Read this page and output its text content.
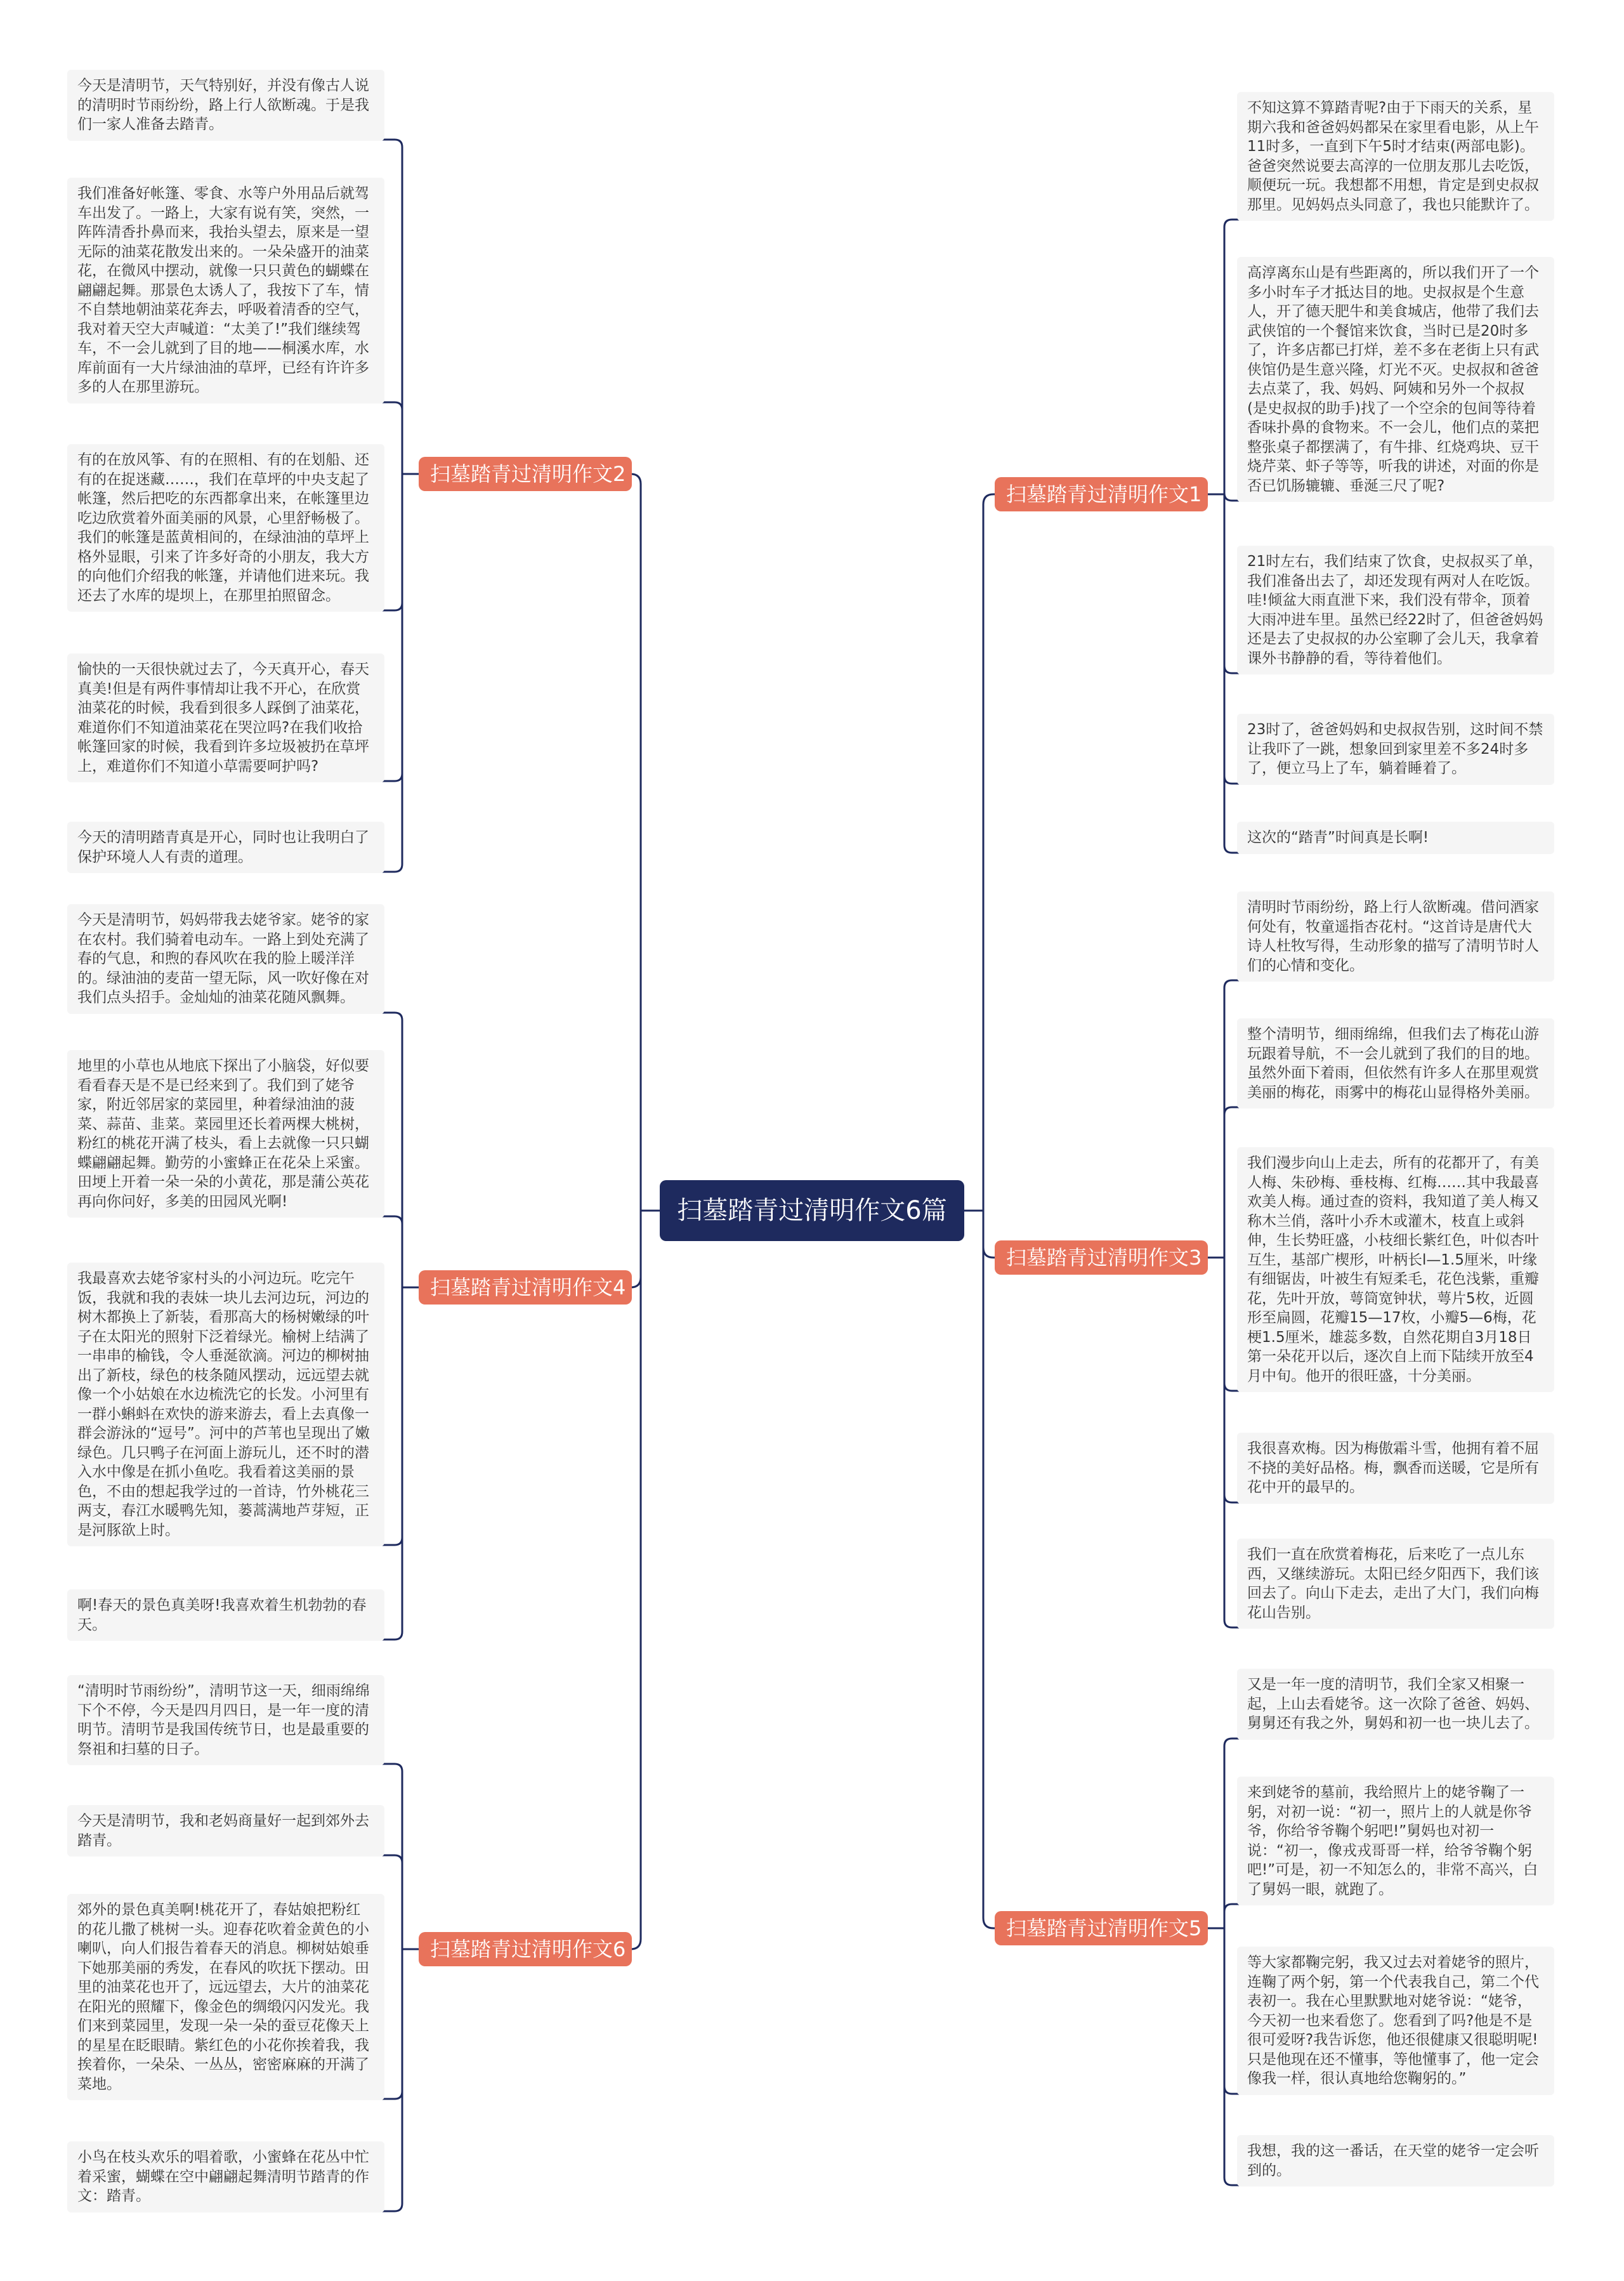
扫墓踏青过清明作文6篇
扫墓踏青过清明作文2
扫墓踏青过清明作文4
扫墓踏青过清明作文6
扫墓踏青过清明作文1
扫墓踏青过清明作文3
扫墓踏青过清明作文5
今天是清明节，天气特别好，并没有像古人说的清明时节雨纷纷，路上行人欲断魂。于是我们一家人准备去踏青。
我们准备好帐篷、零食、水等户外用品后就驾车出发了。一路上，大家有说有笑，突然，一阵阵清香扑鼻而来，我抬头望去，原来是一望无际的油菜花散发出来的。一朵朵盛开的油菜花，在微风中摆动，就像一只只黄色的蝴蝶在翩翩起舞。那景色太诱人了，我按下了车，情不自禁地朝油菜花奔去，呼吸着清香的空气，我对着天空大声喊道：“太美了!”我们继续驾车，不一会儿就到了目的地——桐溪水库，水库前面有一大片绿油油的草坪，已经有许许多多的人在那里游玩。
有的在放风筝、有的在照相、有的在划船、还有的在捉迷藏……，我们在草坪的中央支起了帐篷，然后把吃的东西都拿出来，在帐篷里边吃边欣赏着外面美丽的风景，心里舒畅极了。我们的帐篷是蓝黄相间的，在绿油油的草坪上格外显眼，引来了许多好奇的小朋友，我大方的向他们介绍我的帐篷，并请他们进来玩。我还去了水库的堤坝上，在那里拍照留念。
愉快的一天很快就过去了，今天真开心，春天真美!但是有两件事情却让我不开心，在欣赏油菜花的时候，我看到很多人踩倒了油菜花，难道你们不知道油菜花在哭泣吗?在我们收拾帐篷回家的时候，我看到许多垃圾被扔在草坪上，难道你们不知道小草需要呵护吗?
今天的清明踏青真是开心，同时也让我明白了保护环境人人有责的道理。
今天是清明节，妈妈带我去姥爷家。姥爷的家在农村。我们骑着电动车。一路上到处充满了春的气息，和煦的春风吹在我的脸上暖洋洋的。绿油油的麦苗一望无际，风一吹好像在对我们点头招手。金灿灿的油菜花随风飘舞。
地里的小草也从地底下探出了小脑袋，好似要看看春天是不是已经来到了。我们到了姥爷家，附近邻居家的菜园里，种着绿油油的菠菜、蒜苗、韭菜。菜园里还长着两棵大桃树，粉红的桃花开满了枝头，看上去就像一只只蝴蝶翩翩起舞。勤劳的小蜜蜂正在花朵上采蜜。田埂上开着一朵一朵的小黄花，那是蒲公英花再向你问好，多美的田园风光啊!
我最喜欢去姥爷家村头的小河边玩。吃完午饭，我就和我的表妹一块儿去河边玩，河边的树木都换上了新装，看那高大的杨树嫩绿的叶子在太阳光的照射下泛着绿光。榆树上结满了一串串的榆钱，令人垂涎欲滴。河边的柳树抽出了新枝，绿色的枝条随风摆动，远远望去就像一个小姑娘在水边梳洗它的长发。小河里有一群小蝌蚪在欢快的游来游去，看上去真像一群会游泳的“逗号”。河中的芦苇也呈现出了嫩绿色。几只鸭子在河面上游玩儿，还不时的潜入水中像是在抓小鱼吃。我看着这美丽的景色，不由的想起我学过的一首诗，竹外桃花三两支，春江水暖鸭先知，蒌蒿满地芦芽短，正是河豚欲上时。
啊!春天的景色真美呀!我喜欢着生机勃勃的春天。
“清明时节雨纷纷”，清明节这一天，细雨绵绵下个不停，今天是四月四日，是一年一度的清明节。清明节是我国传统节日，也是最重要的祭祖和扫墓的日子。
今天是清明节，我和老妈商量好一起到郊外去踏青。
郊外的景色真美啊!桃花开了，春姑娘把粉红的花儿撒了桃树一头。迎春花吹着金黄色的小喇叭，向人们报告着春天的消息。柳树姑娘垂下她那美丽的秀发，在春风的吹抚下摆动。田里的油菜花也开了，远远望去，大片的油菜花在阳光的照耀下，像金色的绸缎闪闪发光。我们来到菜园里，发现一朵一朵的蚕豆花像天上的星星在眨眼睛。紫红色的小花你挨着我，我挨着你，一朵朵、一丛丛，密密麻麻的开满了菜地。
小鸟在枝头欢乐的唱着歌，小蜜蜂在花丛中忙着采蜜，蝴蝶在空中翩翩起舞清明节踏青的作文：踏青。
不知这算不算踏青呢?由于下雨天的关系，星期六我和爸爸妈妈都呆在家里看电影，从上午11时多，一直到下午5时才结束(两部电影)。爸爸突然说要去高淳的一位朋友那儿去吃饭，顺便玩一玩。我想都不用想，肯定是到史叔叔那里。见妈妈点头同意了，我也只能默许了。
高淳离东山是有些距离的，所以我们开了一个多小时车子才抵达目的地。史叔叔是个生意人，开了德天肥牛和美食城店，他带了我们去武侠馆的一个餐馆来饮食，当时已是20时多了，许多店都已打烊，差不多在老街上只有武侠馆仍是生意兴隆，灯光不灭。史叔叔和爸爸去点菜了，我、妈妈、阿姨和另外一个叔叔(是史叔叔的助手)找了一个空余的包间等待着香味扑鼻的食物来。不一会儿，他们点的菜把整张桌子都摆满了，有牛排、红烧鸡块、豆干烧芹菜、虾子等等，听我的讲述，对面的你是否已饥肠辘辘、垂涎三尺了呢?
21时左右，我们结束了饮食，史叔叔买了单，我们准备出去了，却还发现有两对人在吃饭。哇!倾盆大雨直泄下来，我们没有带伞，顶着大雨冲进车里。虽然已经22时了，但爸爸妈妈还是去了史叔叔的办公室聊了会儿天，我拿着课外书静静的看，等待着他们。
23时了，爸爸妈妈和史叔叔告别，这时间不禁让我吓了一跳，想象回到家里差不多24时多了，便立马上了车，躺着睡着了。
这次的“踏青”时间真是长啊!
清明时节雨纷纷，路上行人欲断魂。借问酒家何处有，牧童遥指杏花村。“这首诗是唐代大诗人杜牧写得，生动形象的描写了清明节时人们的心情和变化。
整个清明节，细雨绵绵，但我们去了梅花山游玩跟着导航，不一会儿就到了我们的目的地。虽然外面下着雨，但依然有许多人在那里观赏美丽的梅花，雨雾中的梅花山显得格外美丽。
我们漫步向山上走去，所有的花都开了，有美人梅、朱砂梅、垂枝梅、红梅……其中我最喜欢美人梅。通过查的资料，我知道了美人梅又称木兰俏，落叶小乔木或灌木，枝直上或斜伸，生长势旺盛，小枝细长紫红色，叶似杏叶互生，基部广楔形，叶柄长l—1.5厘米，叶缘有细锯齿，叶被生有短柔毛，花色浅紫，重瓣花，先叶开放，萼筒宽钟状，萼片5枚，近圆形至扁圆，花瓣15—17枚，小瓣5—6梅，花梗1.5厘米，雄蕊多数，自然花期自3月18日第一朵花开以后，逐次自上而下陆续开放至4月中旬。他开的很旺盛，十分美丽。
我很喜欢梅。因为梅傲霜斗雪，他拥有着不屈不挠的美好品格。梅，飘香而送暖，它是所有花中开的最早的。
我们一直在欣赏着梅花，后来吃了一点儿东西，又继续游玩。太阳已经夕阳西下，我们该回去了。向山下走去，走出了大门，我们向梅花山告别。
又是一年一度的清明节，我们全家又相聚一起，上山去看姥爷。这一次除了爸爸、妈妈、舅舅还有我之外，舅妈和初一也一块儿去了。
来到姥爷的墓前，我给照片上的姥爷鞠了一躬，对初一说：“初一，照片上的人就是你爷爷，你给爷爷鞠个躬吧!”舅妈也对初一说：“初一，像戎戎哥哥一样，给爷爷鞠个躬吧!”可是，初一不知怎么的，非常不高兴，白了舅妈一眼，就跑了。
等大家都鞠完躬，我又过去对着姥爷的照片，连鞠了两个躬，第一个代表我自己，第二个代表初一。我在心里默默地对姥爷说：“姥爷，今天初一也来看您了。您看到了吗?他是不是很可爱呀?我告诉您，他还很健康又很聪明呢!只是他现在还不懂事，等他懂事了，他一定会像我一样，很认真地给您鞠躬的。”
我想，我的这一番话，在天堂的姥爷一定会听到的。
